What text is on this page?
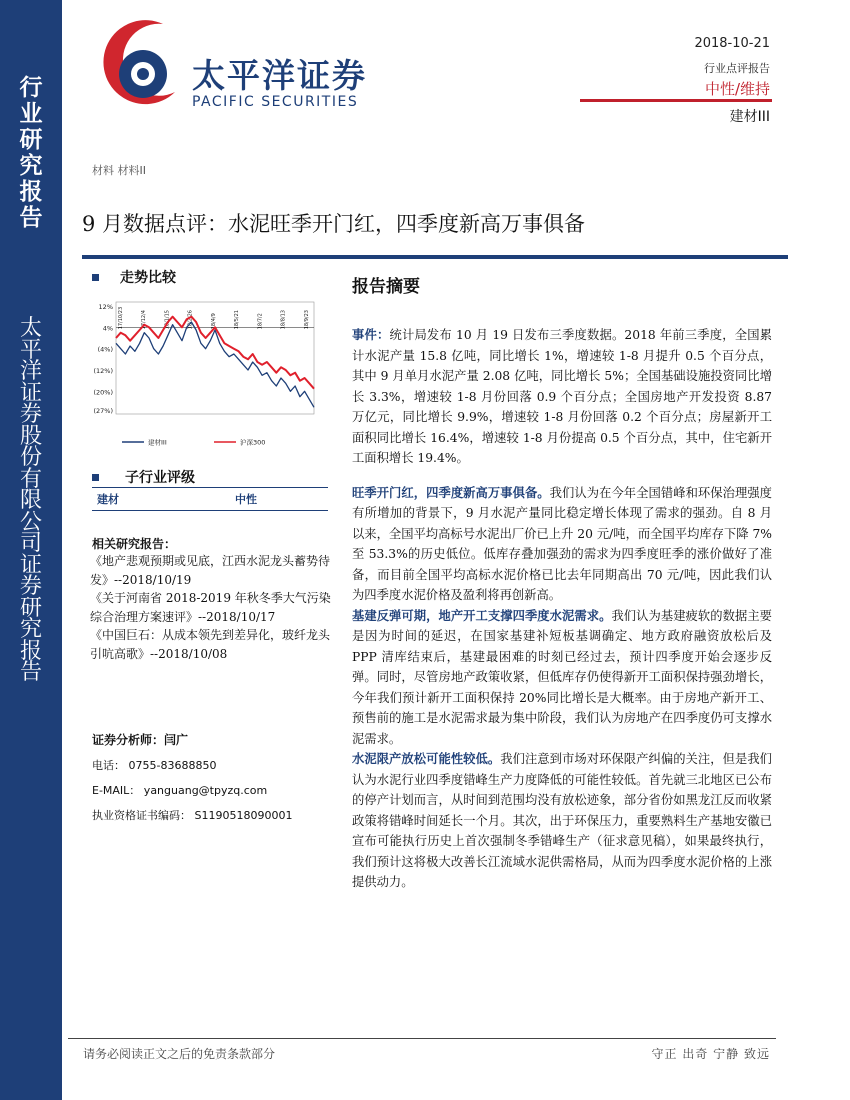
行
业
研
究
报
告
太
平
洋
证
券
股
份
有
限
公
司
证
券
研
究
报
告
太平洋证券
PACIFIC SECURITIES
2018-10-21
行业点评报告
中性/维持
建材III
材料 材料II
9 月数据点评：水泥旺季开门红，四季度新高万事俱备
走势比较
12%
4%
(4%)
(12%)
(20%)
(27%)
17/10/23	17/12/4	18/1/15	18/2/26	18/4/9	18/5/21	18/7/2	18/8/13	18/9/23
建材III	沪深300
子行业评级
建材	中性
相关研究报告：

《地产悲观预期或见底，江西水泥龙头蓄势待发》--2018/10/19

《关于河南省 2018-2019 年秋冬季大气污染综合治理方案速评》--2018/10/17

《中国巨石：从成本领先到差异化，玻纤龙头引吭高歌》--2018/10/08

证券分析师：闫广
电话： 0755-83688850
E-MAIL： yanguang@tpyzq.com
执业资格证书编码： S1190518090001
报告摘要

事件：统计局发布 10 月 19 日发布三季度数据。2018 年前三季度，全国累计水泥产量 15.8 亿吨，同比增长 1%，增速较 1-8 月提升 0.5 个百分点，其中 9 月单月水泥产量 2.08 亿吨，同比增长 5%；全国基础设施投资同比增长 3.3%，增速较 1-8 月份回落 0.9 个百分点；全国房地产开发投资 8.87 万亿元，同比增长 9.9%，增速较 1-8 月份回落 0.2 个百分点；房屋新开工面积同比增长 16.4%，增速较 1-8 月份提高 0.5 个百分点，其中，住宅新开工面积增长 19.4%。

旺季开门红，四季度新高万事俱备。我们认为在今年全国错峰和环保治理强度有所增加的背景下，9 月水泥产量同比稳定增长体现了需求的强劲。自 8 月以来，全国平均高标号水泥出厂价已上升 20 元/吨，而全国平均库存下降 7%至 53.3%的历史低位。低库存叠加强劲的需求为四季度旺季的涨价做好了准备，而目前全国平均高标水泥价格已比去年同期高出 70 元/吨，因此我们认为四季度水泥价格及盈利将再创新高。

基建反弹可期，地产开工支撑四季度水泥需求。我们认为基建疲软的数据主要是因为时间的延迟，在国家基建补短板基调确定、地方政府融资放松后及 PPP 清库结束后，基建最困难的时刻已经过去，预计四季度开始会逐步反弹。同时，尽管房地产政策收紧，但低库存仍使得新开工面积保持强劲增长，今年我们预计新开工面积保持 20%同比增长是大概率。由于房地产新开工、预售前的施工是水泥需求最为集中阶段，我们认为房地产在四季度仍可支撑水泥需求。

水泥限产放松可能性较低。我们注意到市场对环保限产纠偏的关注，但是我们认为水泥行业四季度错峰生产力度降低的可能性较低。首先就三北地区已公布的停产计划而言，从时间到范围均没有放松迹象，部分省份如黑龙江反而收紧政策将错峰时间延长一个月。其次，出于环保压力，重要熟料生产基地安徽已宣布可能执行历史上首次强制冬季错峰生产（征求意见稿），如果最终执行，我们预计这将极大改善长江流域水泥供需格局，从而为四季度水泥价格的上涨提供动力。

请务必阅读正文之后的免责条款部分	守正 出奇 宁静 致远
